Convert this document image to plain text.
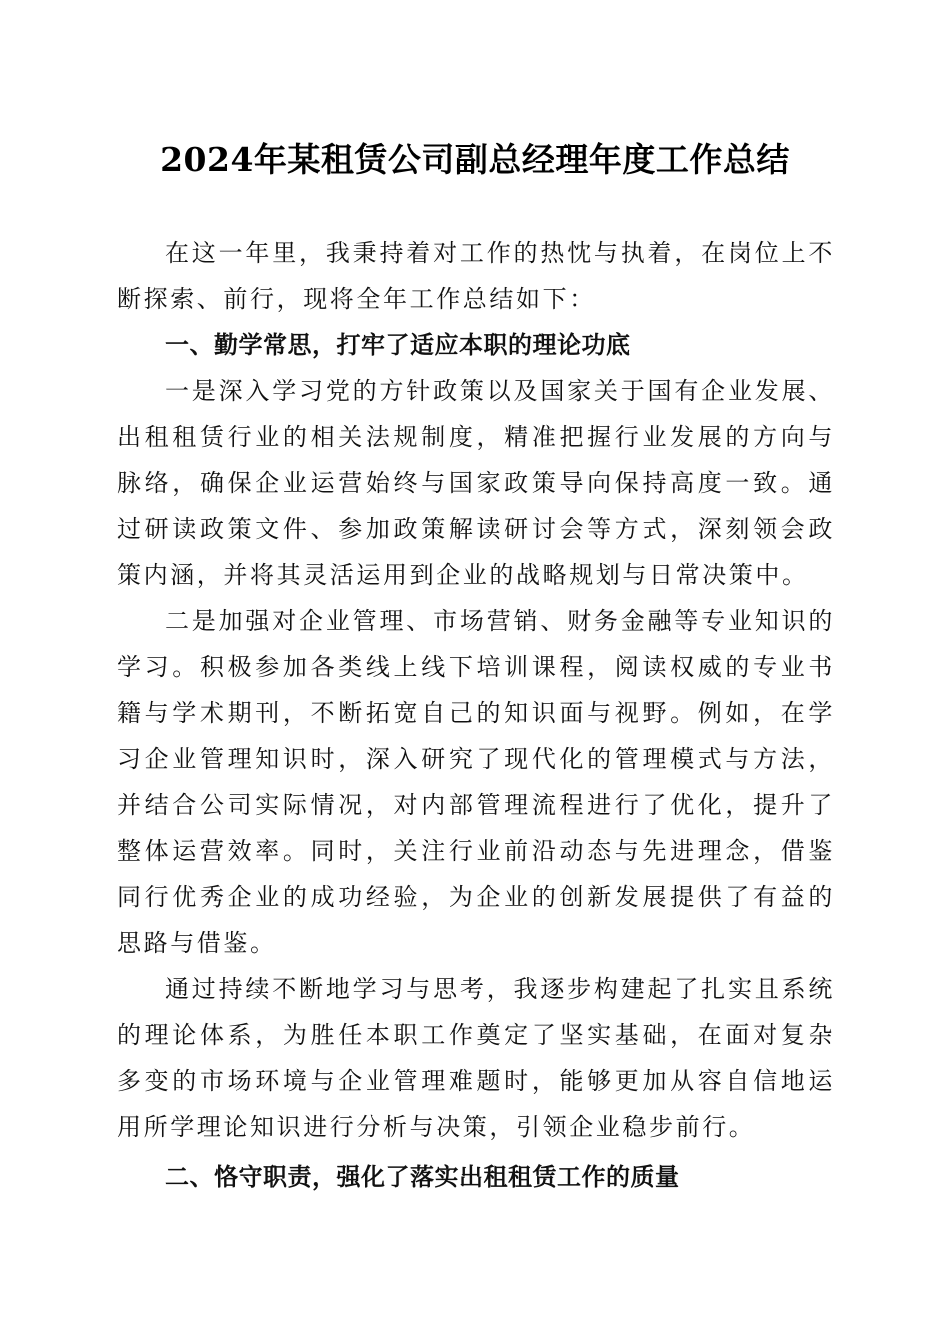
2024年某租赁公司副总经理年度工作总结

在这一年里，我秉持着对工作的热忱与执着，在岗位上不断探索、前行，现将全年工作总结如下：

一、勤学常思，打牢了适应本职的理论功底

一是深入学习党的方针政策以及国家关于国有企业发展、出租租赁行业的相关法规制度，精准把握行业发展的方向与脉络，确保企业运营始终与国家政策导向保持高度一致。通过研读政策文件、参加政策解读研讨会等方式，深刻领会政策内涵，并将其灵活运用到企业的战略规划与日常决策中。

二是加强对企业管理、市场营销、财务金融等专业知识的学习。积极参加各类线上线下培训课程，阅读权威的专业书籍与学术期刊，不断拓宽自己的知识面与视野。例如，在学习企业管理知识时，深入研究了现代化的管理模式与方法，并结合公司实际情况，对内部管理流程进行了优化，提升了整体运营效率。同时，关注行业前沿动态与先进理念，借鉴同行优秀企业的成功经验，为企业的创新发展提供了有益的思路与借鉴。

通过持续不断地学习与思考，我逐步构建起了扎实且系统的理论体系，为胜任本职工作奠定了坚实基础，在面对复杂多变的市场环境与企业管理难题时，能够更加从容自信地运用所学理论知识进行分析与决策，引领企业稳步前行。

二、恪守职责，强化了落实出租租赁工作的质量
